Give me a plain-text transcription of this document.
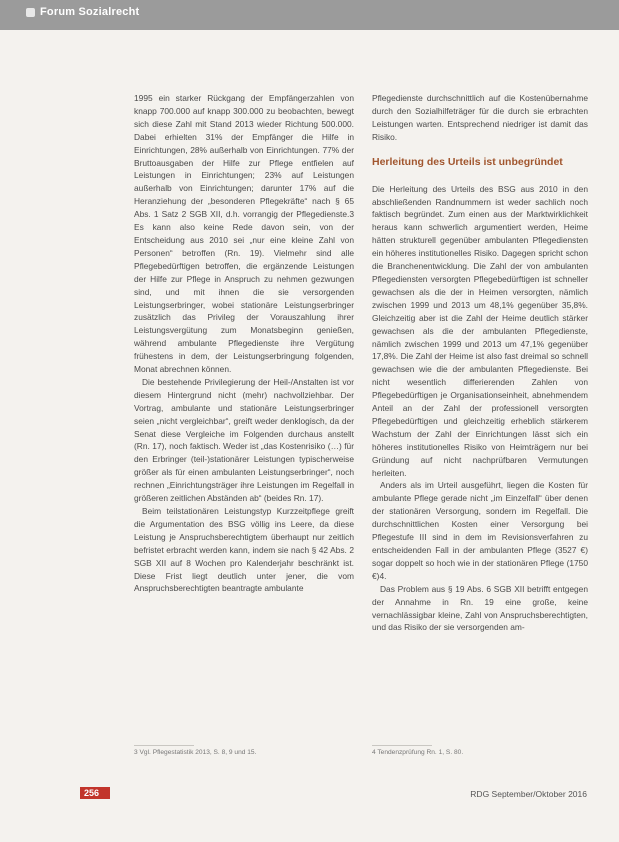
Forum Sozialrecht

1995 ein starker Rückgang der Empfängerzahlen von knapp 700.000 auf knapp 300.000 zu beobachten, bewegt sich diese Zahl mit Stand 2013 wieder Richtung 500.000. Dabei erhielten 31% der Empfänger die Hilfe in Einrichtungen, 28% außerhalb von Einrichtungen. 77% der Bruttoausgaben der Hilfe zur Pflege entfielen auf Leistungen in Einrichtungen; 23% auf Leistungen außerhalb von Einrichtungen; darunter 17% auf die Heranziehung der „besonderen Pflegekräfte“ nach § 65 Abs. 1 Satz 2 SGB XII, d.h. vorrangig der Pflegedienste.3 Es kann also keine Rede davon sein, von der Entscheidung aus 2010 sei „nur eine kleine Zahl von Personen“ betroffen (Rn. 19). Vielmehr sind alle Pflegebedürftigen betroffen, die ergänzende Leistungen der Hilfe zur Pflege in Anspruch zu nehmen gezwungen sind, und mit ihnen die sie versorgenden Leistungserbringer, wobei stationäre Leistungserbringer zusätzlich das Privileg der Vorauszahlung ihrer Leistungsvergütung zum Monatsbeginn genießen, während ambulante Pflegedienste ihre Vergütung frühestens in dem, der Leistungserbringung folgenden, Monat abrechnen können.

Die bestehende Privilegierung der Heil-/Anstalten ist vor diesem Hintergrund nicht (mehr) nachvollziehbar. Der Vortrag, ambulante und stationäre Leistungserbringer seien „nicht vergleichbar“, greift weder denklogisch, da der Senat diese Vergleiche im Folgenden durchaus anstellt (Rn. 17), noch faktisch. Weder ist „das Kostenrisiko (…) für den Erbringer (teil-)stationärer Leistungen typischerweise größer als für einen ambulanten Leistungserbringer“, noch rechnen „Einrichtungsträger ihre Leistungen im Regelfall in größeren zeitlichen Abständen ab“ (beides Rn. 17).

Beim teilstationären Leistungstyp Kurzzeitpflege greift die Argumentation des BSG völlig ins Leere, da diese Leistung je Anspruchsberechtigtem überhaupt nur zeitlich befristet erbracht werden kann, indem sie nach § 42 Abs. 2 SGB XII auf 8 Wochen pro Kalenderjahr beschränkt ist. Diese Frist liegt deutlich unter jener, die vom Anspruchsberechtigten beantragte ambulante

Pflegedienste durchschnittlich auf die Kostenübernahme durch den Sozialhilfeträger für die durch sie erbrachten Leistungen warten. Entsprechend niedriger ist damit das Risiko.

Herleitung des Urteils ist unbegründet

Die Herleitung des Urteils des BSG aus 2010 in den abschließenden Randnummern ist weder sachlich noch faktisch begründet. Zum einen aus der Marktwirklichkeit heraus kann schwerlich argumentiert werden, Heime hätten strukturell gegenüber ambulanten Pflegediensten ein höheres institutionelles Risiko. Dagegen spricht schon die Branchenentwicklung. Die Zahl der von ambulanten Pflegediensten versorgten Pflegebedürftigen ist schneller gewachsen als die der in Heimen versorgten, nämlich zwischen 1999 und 2013 um 48,1% gegenüber 35,8%. Gleichzeitig aber ist die Zahl der Heime deutlich stärker gewachsen als die der ambulanten Pflegedienste, nämlich zwischen 1999 und 2013 um 47,1% gegenüber 17,8%. Die Zahl der Heime ist also fast dreimal so schnell gewachsen wie die der ambulanten Pflegedienste. Bei nicht wesentlich differierenden Zahlen von Pflegebedürftigen je Organisationseinheit, abnehmendem Anteil an der Zahl der professionell versorgten Pflegebedürftigen und gleichzeitig erheblich stärkerem Wachstum der Zahl der Einrichtungen lässt sich ein höheres institutionelles Risiko von Heimträgern nur bei Gründung auf nicht nachprüfbaren Vermutungen herleiten.

Anders als im Urteil ausgeführt, liegen die Kosten für ambulante Pflege gerade nicht „im Einzelfall“ über denen der stationären Versorgung, sondern im Regelfall. Die durchschnittlichen Kosten einer Versorgung bei Pflegestufe III sind in dem im Revisionsverfahren zu entscheidenden Fall in der ambulanten Pflege (3527 €) sogar doppelt so hoch wie in der stationären Pflege (1750 €)4.

Das Problem aus § 19 Abs. 6 SGB XII betrifft entgegen der Annahme in Rn. 19 eine große, keine vernachlässigbar kleine, Zahl von Anspruchsberechtigten, und das Risiko der sie versorgenden am-

3 Vgl. Pflegestatistik 2013, S. 8, 9 und 15.	4 Tendenzprüfung Rn. 1, S. 80.
256	RDG September/Oktober 2016
